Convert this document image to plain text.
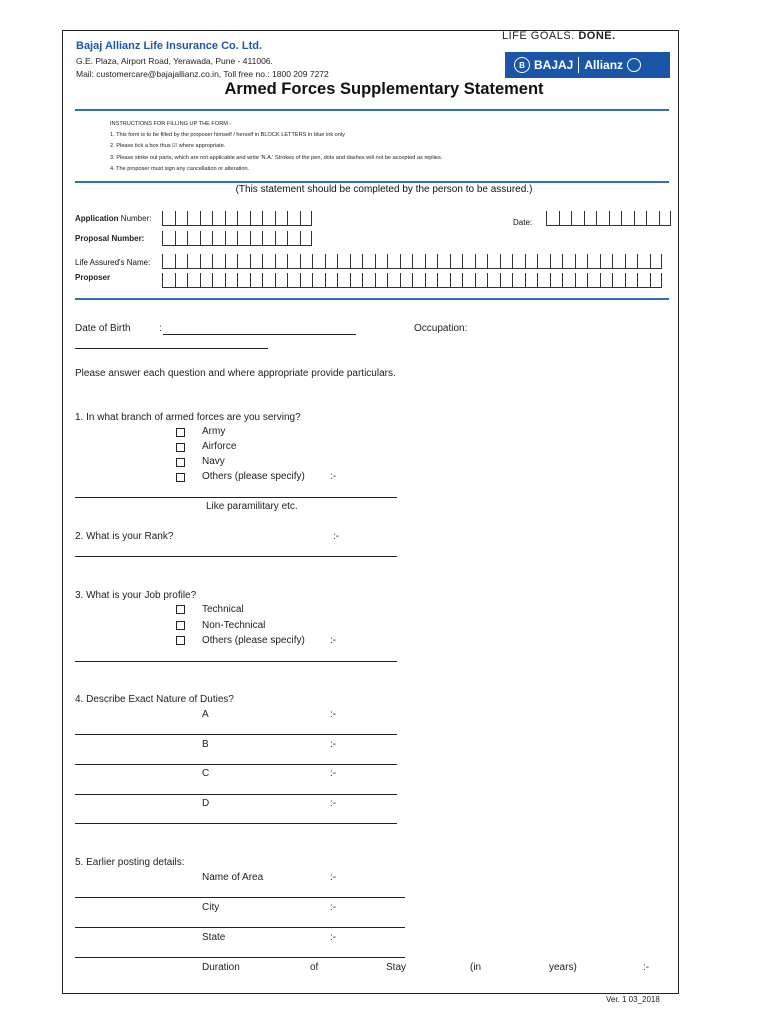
Bajaj Allianz Life Insurance Co. Ltd.
G.E. Plaza, Airport Road, Yerawada, Pune - 411006.
Mail: customercare@bajajallianz.co.in, Toll free no.: 1800 209 7272
LIFE GOALS. DONE.
B BAJAJ Allianz
Armed Forces Supplementary Statement
INSTRUCTIONS FOR FILLING UP THE FORM -
1. This form is to be filled by the proposer himself / herself in BLOCK LETTERS in blue ink only
2. Please tick a box thus ☑ where appropriate.
3. Please strike out parts, which are not applicable and write 'N.A.' Strokes of the pen, dots and dashes will not be accepted as replies.
4. The proposer must sign any cancellation or alteration.
(This statement should be completed by the person to be assured.)
Application Number:
Proposal Number:
Date:
Life Assured's Name:
Proposer
Date of Birth	:	Occupation:
Please answer each question and where appropriate provide particulars.
1. In what branch of armed forces are you serving?
Army
Airforce
Navy
Others (please specify)	:-
Like paramilitary etc.
2. What is your Rank?	:-
3. What is your Job profile?
Technical
Non-Technical
Others (please specify)	:-
4. Describe Exact Nature of Duties?
A	:-
B	:-
C	:-
D	:-
5. Earlier posting details:
Name of Area	:-
City	:-
State	:-
Duration	of	Stay	(in	years)	:-
Ver. 1 03_2018
